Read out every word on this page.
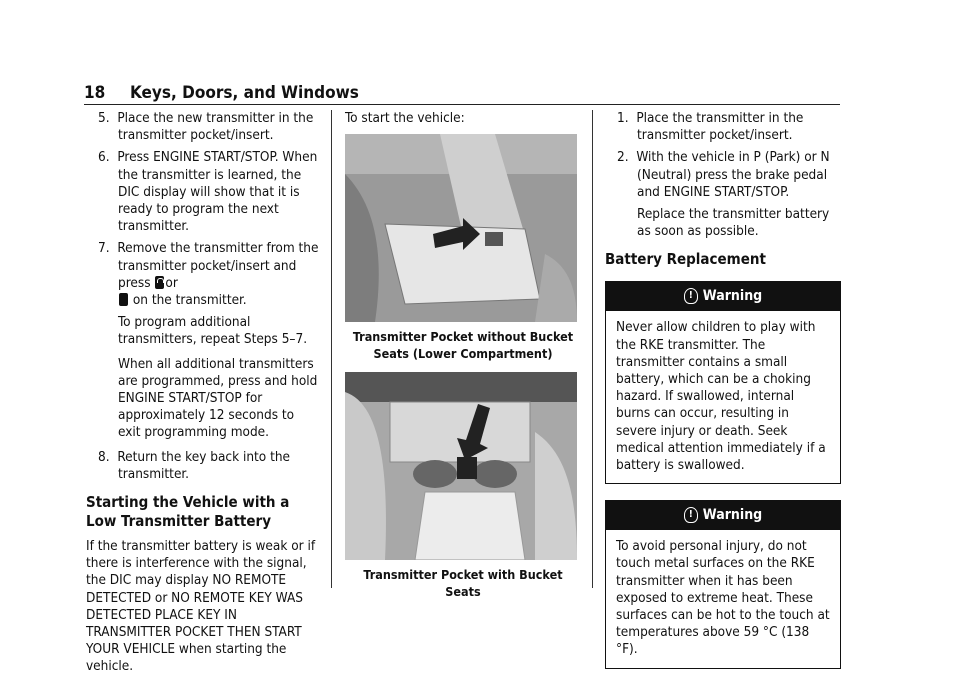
18 Keys, Doors, and Windows
5. Place the new transmitter in the transmitter pocket/insert.
6. Press ENGINE START/STOP. When the transmitter is learned, the DIC display will show that it is ready to program the next transmitter.
7. Remove the transmitter from the transmitter pocket/insert and press or
on the transmitter.

To program additional transmitters, repeat Steps 5–7.

When all additional transmitters are programmed, press and hold ENGINE START/STOP for approximately 12 seconds to exit programming mode.

8. Return the key back into the transmitter.
Starting the Vehicle with a Low Transmitter Battery

If the transmitter battery is weak or if there is interference with the signal, the DIC may display NO REMOTE DETECTED or NO REMOTE KEY WAS DETECTED PLACE KEY IN TRANSMITTER POCKET THEN START YOUR VEHICLE when starting the vehicle.

To start the vehicle:
Transmitter Pocket without Bucket Seats (Lower Compartment)
Transmitter Pocket with Bucket Seats
1. Place the transmitter in the transmitter pocket/insert.
2. With the vehicle in P (Park) or N (Neutral) press the brake pedal and ENGINE START/STOP.

Replace the transmitter battery as soon as possible.

Battery Replacement
! Warning
Never allow children to play with the RKE transmitter. The transmitter contains a small battery, which can be a choking hazard. If swallowed, internal burns can occur, resulting in severe injury or death. Seek medical attention immediately if a battery is swallowed.
! Warning
To avoid personal injury, do not touch metal surfaces on the RKE transmitter when it has been exposed to extreme heat. These surfaces can be hot to the touch at temperatures above 59 °C (138 °F).
